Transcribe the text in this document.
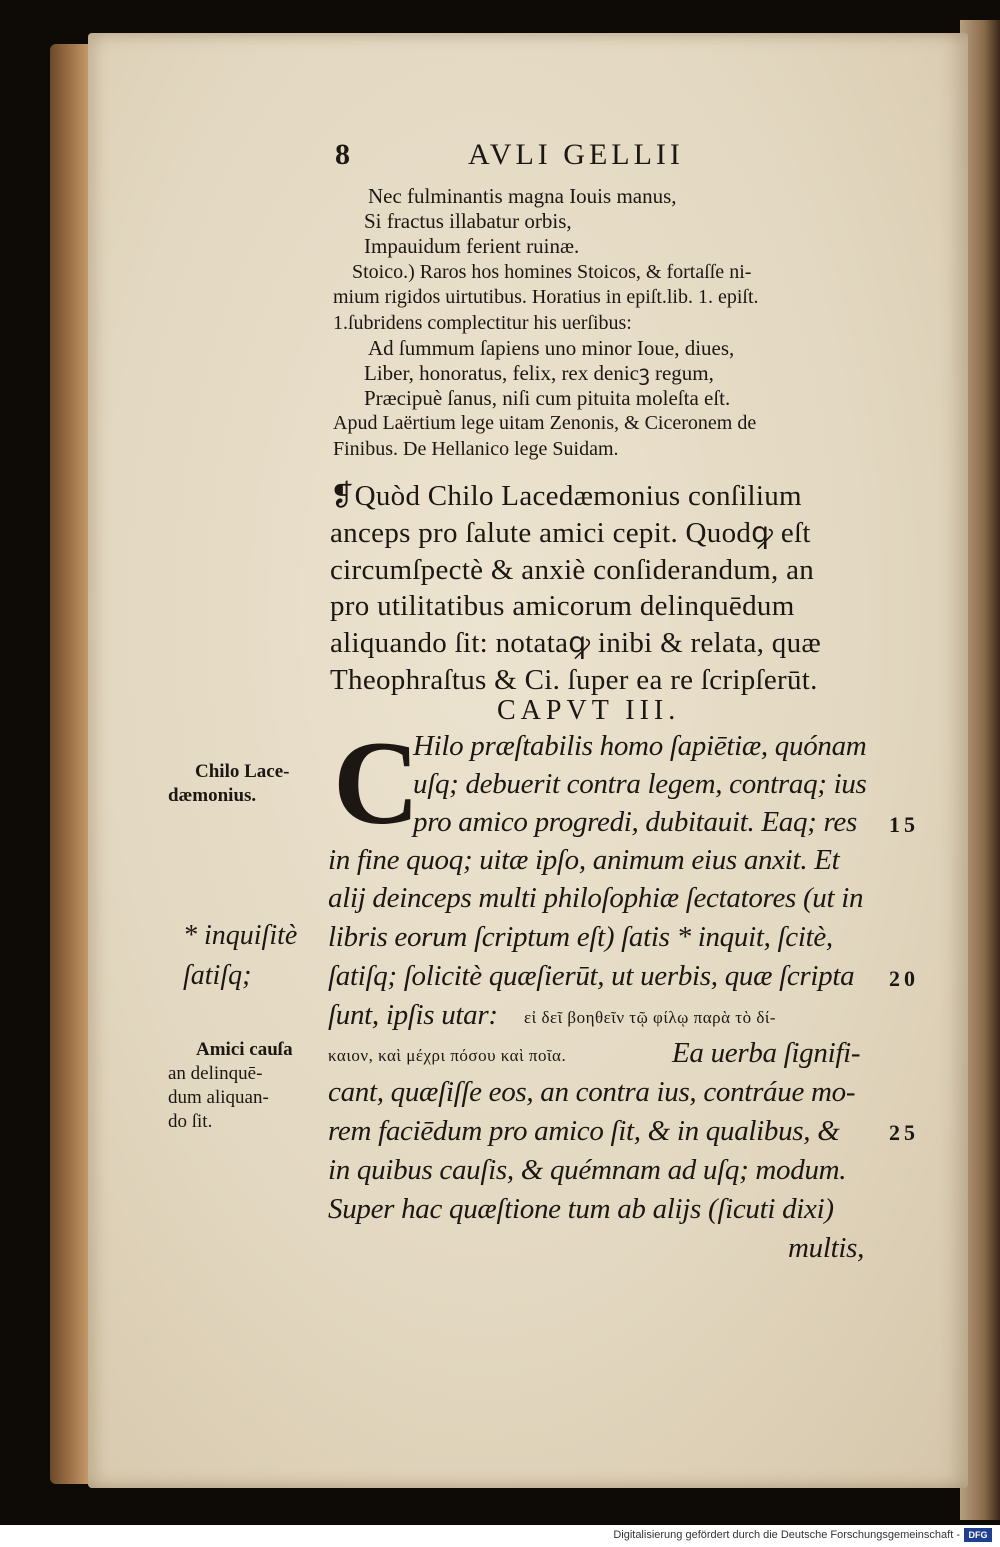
8	AVLI GELLII
Nec fulminantis magna Iouis manus,
Si fractus illabatur orbis,
Impauidum ferient ruinæ.
Stoico.) Raros hos homines Stoicos, & fortaſſe ni-
mium rigidos uirtutibus. Horatius in epiſt.lib. 1. epiſt.
1.ſubridens complectitur his uerſibus:
Ad ſummum ſapiens uno minor Ioue, diues,
Liber, honoratus, felix, rex denicꝫ regum,
Præcipuè ſanus, niſi cum pituita moleſta eſt.
Apud Laërtium lege uitam Zenonis, & Ciceronem de
Finibus. De Hellanico lege Suidam.
❡Quòd Chilo Lacedæmonius conſilium
anceps pro ſalute amici cepit. Quodꝙ eſt
circumſpectè & anxiè conſiderandum, an
pro utilitatibus amicorum delinquēdum
aliquando ſit: notataꝙ inibi & relata, quæ
Theophraſtus & Ci. ſuper ea re ſcripſerūt.
CAPVT III.
C
Hilo præſtabilis homo ſapiētiæ, quónam
uſq; debuerit contra legem, contraq; ius
pro amico progredi, dubitauit. Eaq; res
in fine quoq; uitæ ipſo, animum eius anxit. Et
alij deinceps multi philoſophiæ ſectatores (ut in
libris eorum ſcriptum eſt) ſatis * inquit, ſcitè,
ſatiſq; ſolicitè quæſierūt, ut uerbis, quæ ſcripta
ſunt, ipſis utar: εἰ δεῖ βοηθεῖν τῷ φίλῳ παρὰ τὸ δί-
καιον, καὶ μέχρι πόσου καὶ ποῖα.	Ea uerba ſignifi-
cant, quæſiſſe eos, an contra ius, contráue mo-
rem faciēdum pro amico ſit, & in qualibus, &
in quibus cauſis, & quémnam ad uſq; modum.
Super hac quæſtione tum ab alijs (ſicuti dixi)
multis,
Chilo Lace-
dæmonius.
* inquiſitè
ſatiſq;
Amici cauſa
an delinquē-
dum aliquan-
do ſit.
15
20
25
Digitalisierung gefördert durch die Deutsche Forschungsgemeinschaft - DFG
